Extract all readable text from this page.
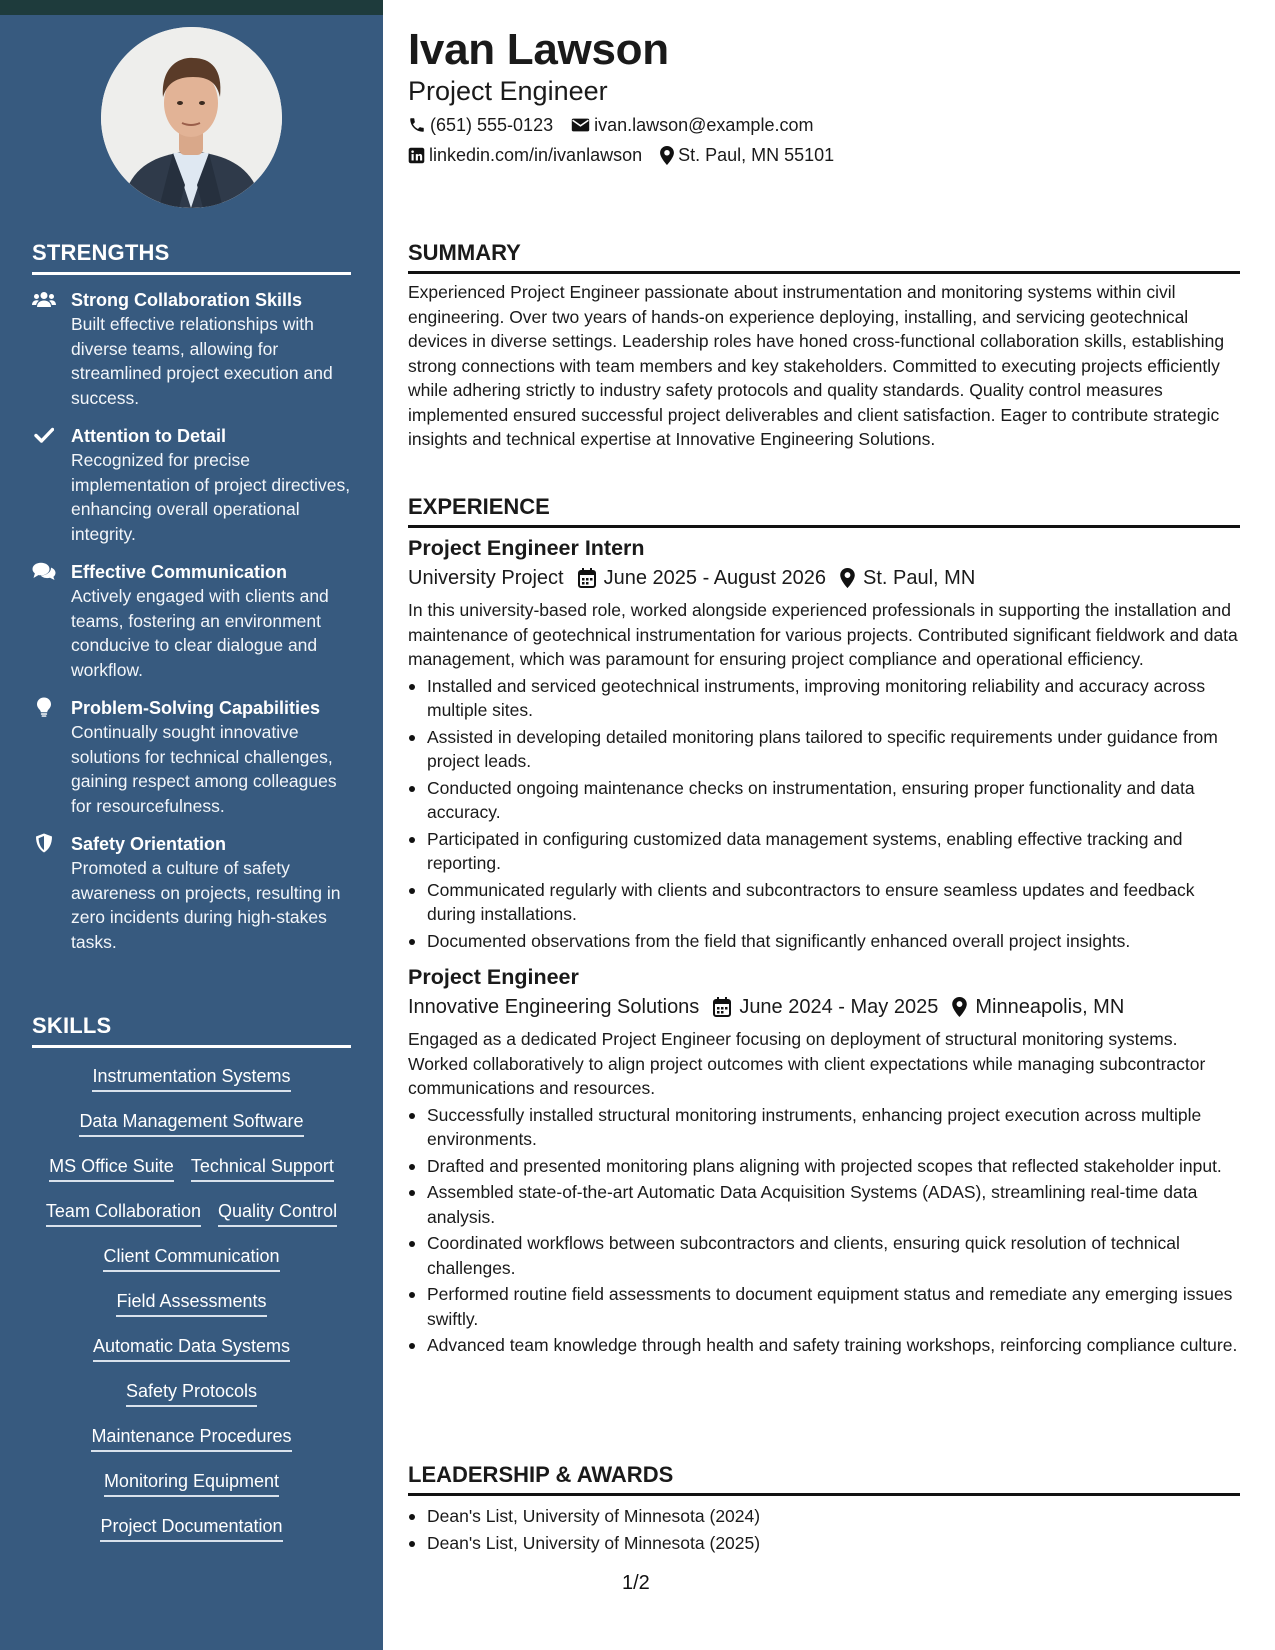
STRENGTHS
Strong Collaboration Skills
Built effective relationships with diverse teams, allowing for streamlined project execution and success.
Attention to Detail
Recognized for precise implementation of project directives, enhancing overall operational integrity.
Effective Communication
Actively engaged with clients and teams, fostering an environment conducive to clear dialogue and workflow.
Problem-Solving Capabilities
Continually sought innovative solutions for technical challenges, gaining respect among colleagues for resourcefulness.
Safety Orientation
Promoted a culture of safety awareness on projects, resulting in zero incidents during high-stakes tasks.
SKILLS
Instrumentation Systems
Data Management Software
MS Office Suite Technical Support
Team Collaboration Quality Control
Client Communication
Field Assessments
Automatic Data Systems
Safety Protocols
Maintenance Procedures
Monitoring Equipment
Project Documentation
Ivan Lawson
Project Engineer
(651) 555-0123 ivan.lawson@example.com
linkedin.com/in/ivanlawson St. Paul, MN 55101
SUMMARY
Experienced Project Engineer passionate about instrumentation and monitoring systems within civil engineering. Over two years of hands-on experience deploying, installing, and servicing geotechnical devices in diverse settings. Leadership roles have honed cross-functional collaboration skills, establishing strong connections with team members and key stakeholders. Committed to executing projects efficiently while adhering strictly to industry safety protocols and quality standards. Quality control measures implemented ensured successful project deliverables and client satisfaction. Eager to contribute strategic insights and technical expertise at Innovative Engineering Solutions.
EXPERIENCE
Project Engineer Intern
University Project June 2025 - August 2026 St. Paul, MN
In this university-based role, worked alongside experienced professionals in supporting the installation and maintenance of geotechnical instrumentation for various projects. Contributed significant fieldwork and data management, which was paramount for ensuring project compliance and operational efficiency.
Installed and serviced geotechnical instruments, improving monitoring reliability and accuracy across multiple sites.
Assisted in developing detailed monitoring plans tailored to specific requirements under guidance from project leads.
Conducted ongoing maintenance checks on instrumentation, ensuring proper functionality and data accuracy.
Participated in configuring customized data management systems, enabling effective tracking and reporting.
Communicated regularly with clients and subcontractors to ensure seamless updates and feedback during installations.
Documented observations from the field that significantly enhanced overall project insights.
Project Engineer
Innovative Engineering Solutions June 2024 - May 2025 Minneapolis, MN
Engaged as a dedicated Project Engineer focusing on deployment of structural monitoring systems. Worked collaboratively to align project outcomes with client expectations while managing subcontractor communications and resources.
Successfully installed structural monitoring instruments, enhancing project execution across multiple environments.
Drafted and presented monitoring plans aligning with projected scopes that reflected stakeholder input.
Assembled state-of-the-art Automatic Data Acquisition Systems (ADAS), streamlining real-time data analysis.
Coordinated workflows between subcontractors and clients, ensuring quick resolution of technical challenges.
Performed routine field assessments to document equipment status and remediate any emerging issues swiftly.
Advanced team knowledge through health and safety training workshops, reinforcing compliance culture.
LEADERSHIP & AWARDS
Dean's List, University of Minnesota (2024)
Dean's List, University of Minnesota (2025)
1/2
